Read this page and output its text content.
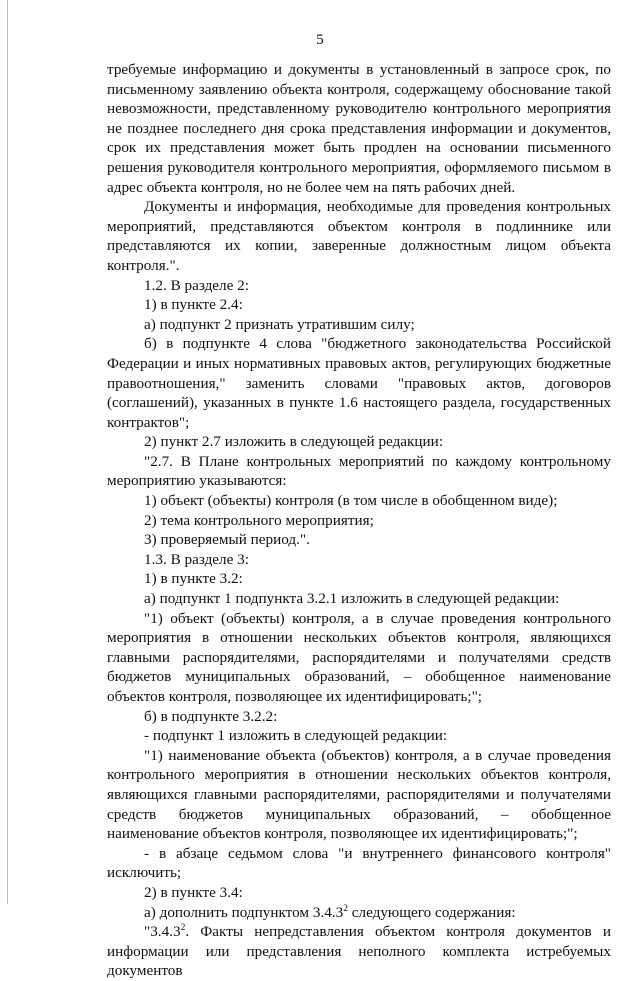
5

требуемые информацию и документы в установленный в запросе срок, по письменному заявлению объекта контроля, содержащему обоснование такой невозможности, представленному руководителю контрольного мероприятия не позднее последнего дня срока представления информации и документов, срок их представления может быть продлен на основании письменного решения руководителя контрольного мероприятия, оформляемого письмом в адрес объекта контроля, но не более чем на пять рабочих дней.

Документы и информация, необходимые для проведения контрольных мероприятий, представляются объектом контроля в подлиннике или представляются их копии, заверенные должностным лицом объекта контроля.".

1.2. В разделе 2:

1) в пункте 2.4:

а) подпункт 2 признать утратившим силу;

б) в подпункте 4 слова "бюджетного законодательства Российской Федерации и иных нормативных правовых актов, регулирующих бюджетные правоотношения," заменить словами "правовых актов, договоров (соглашений), указанных в пункте 1.6 настоящего раздела, государственных контрактов";

2) пункт 2.7 изложить в следующей редакции:

"2.7. В Плане контрольных мероприятий по каждому контрольному мероприятию указываются:

1) объект (объекты) контроля (в том числе в обобщенном виде);

2) тема контрольного мероприятия;

3) проверяемый период.".

1.3. В разделе 3:

1) в пункте 3.2:

а) подпункт 1 подпункта 3.2.1 изложить в следующей редакции:

"1) объект (объекты) контроля, а в случае проведения контрольного мероприятия в отношении нескольких объектов контроля, являющихся главными распорядителями, распорядителями и получателями средств бюджетов муниципальных образований, – обобщенное наименование объектов контроля, позволяющее их идентифицировать;";

б) в подпункте 3.2.2:

- подпункт 1 изложить в следующей редакции:

"1) наименование объекта (объектов) контроля, а в случае проведения контрольного мероприятия в отношении нескольких объектов контроля, являющихся главными распорядителями, распорядителями и получателями средств бюджетов муниципальных образований, – обобщенное наименование объектов контроля, позволяющее их идентифицировать;";

- в абзаце седьмом слова "и внутреннего финансового контроля" исключить;

2) в пункте 3.4:

а) дополнить подпунктом 3.4.3$^2$ следующего содержания:

"3.4.3$^2$. Факты непредставления объектом контроля документов и информации или представления неполного комплекта истребуемых документов
